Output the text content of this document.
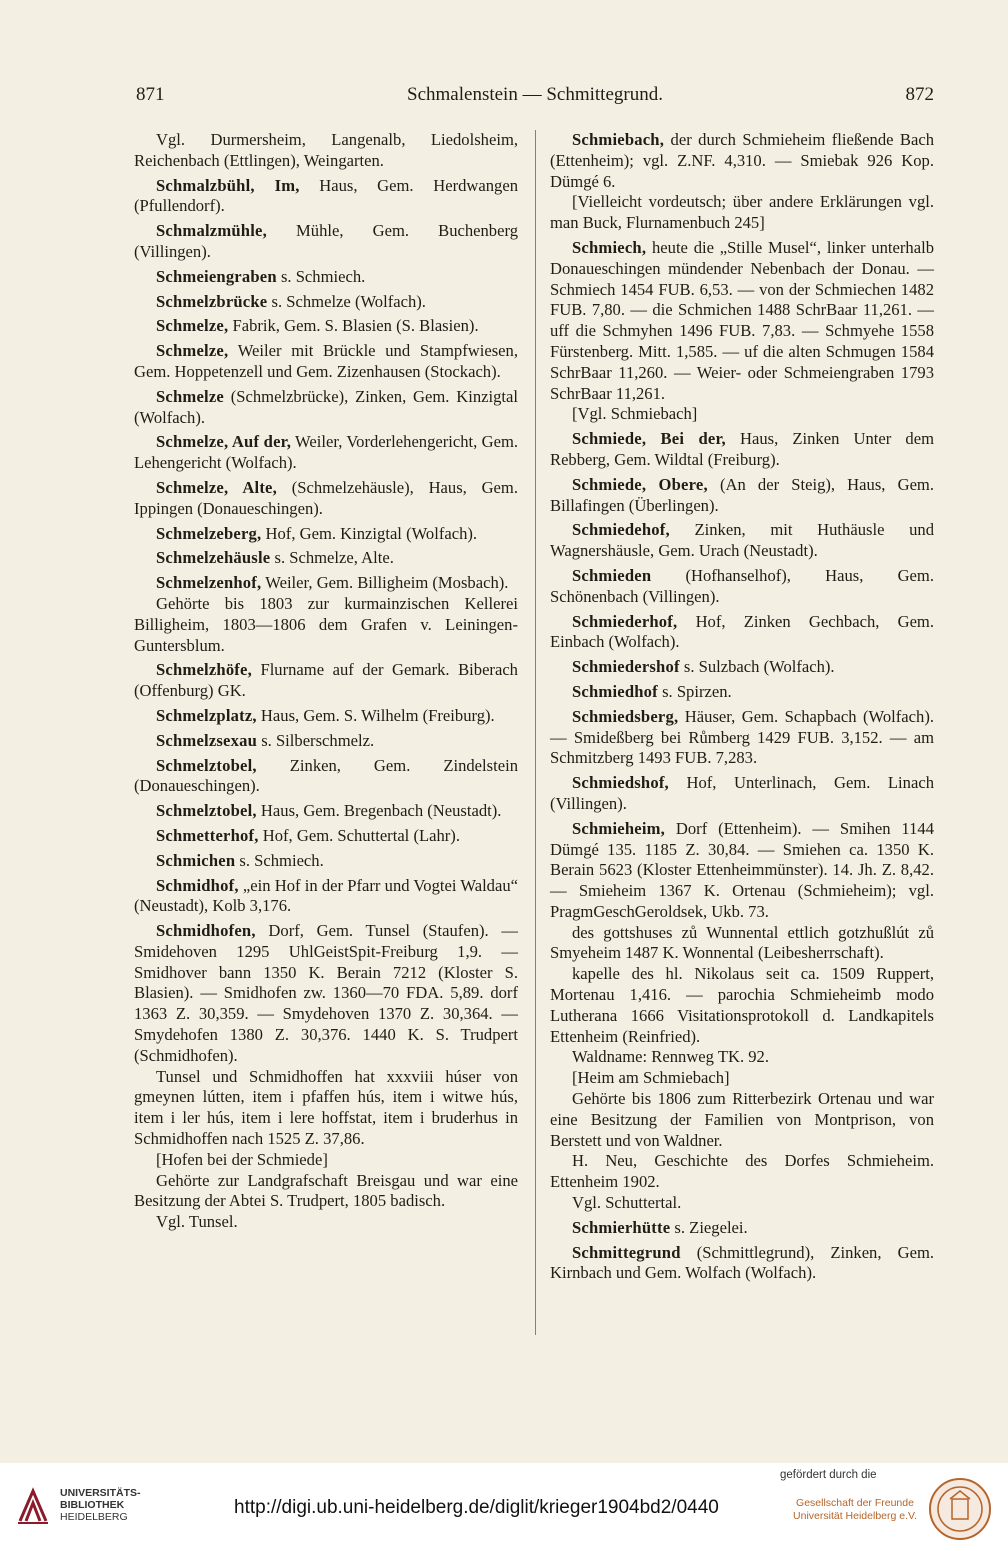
871	Schmalenstein — Schmittegrund.	872

Vgl. Durmersheim, Langenalb, Liedolsheim, Reichenbach (Ettlingen), Weingarten.

Schmalzbühl, Im, Haus, Gem. Herdwangen (Pfullendorf).

Schmalzmühle, Mühle, Gem. Buchenberg (Villingen).

Schmeiengraben s. Schmiech.

Schmelzbrücke s. Schmelze (Wolfach).

Schmelze, Fabrik, Gem. S. Blasien (S. Blasien).

Schmelze, Weiler mit Brückle und Stampfwiesen, Gem. Hoppetenzell und Gem. Zizenhausen (Stockach).

Schmelze (Schmelzbrücke), Zinken, Gem. Kinzigtal (Wolfach).

Schmelze, Auf der, Weiler, Vorderlehengericht, Gem. Lehengericht (Wolfach).

Schmelze, Alte, (Schmelzehäusle), Haus, Gem. Ippingen (Donaueschingen).

Schmelzeberg, Hof, Gem. Kinzigtal (Wolfach).

Schmelzehäusle s. Schmelze, Alte.

Schmelzenhof, Weiler, Gem. Billigheim (Mosbach).

Gehörte bis 1803 zur kurmainzischen Kellerei Billigheim, 1803—1806 dem Grafen v. Leiningen-Guntersblum.

Schmelzhöfe, Flurname auf der Gemark. Biberach (Offenburg) GK.

Schmelzplatz, Haus, Gem. S. Wilhelm (Freiburg).

Schmelzsexau s. Silberschmelz.

Schmelztobel, Zinken, Gem. Zindelstein (Donaueschingen).

Schmelztobel, Haus, Gem. Bregenbach (Neustadt).

Schmetterhof, Hof, Gem. Schuttertal (Lahr).

Schmichen s. Schmiech.

Schmidhof, „ein Hof in der Pfarr und Vogtei Waldau“ (Neustadt), Kolb 3,176.

Schmidhofen, Dorf, Gem. Tunsel (Staufen). — Smidehoven 1295 UhlGeistSpit-Freiburg 1,9. — Smidhover bann 1350 K. Berain 7212 (Kloster S. Blasien). — Smidhofen zw. 1360—70 FDA. 5,89. dorf 1363 Z. 30,359. — Smydehoven 1370 Z. 30,364. — Smydehofen 1380 Z. 30,376. 1440 K. S. Trudpert (Schmidhofen).

Tunsel und Schmidhoffen hat xxxviii húser von gmeynen lútten, item i pfaffen hús, item i witwe hús, item i ler hús, item i lere hoffstat, item i bruderhus in Schmidhoffen nach 1525 Z. 37,86.

[Hofen bei der Schmiede]

Gehörte zur Landgrafschaft Breisgau und war eine Besitzung der Abtei S. Trudpert, 1805 badisch.

Vgl. Tunsel.

Schmiebach, der durch Schmieheim fließende Bach (Ettenheim); vgl. Z.NF. 4,310. — Smiebak 926 Kop. Dümgé 6.

[Vielleicht vordeutsch; über andere Erklärungen vgl. man Buck, Flurnamenbuch 245]

Schmiech, heute die „Stille Musel“, linker unterhalb Donaueschingen mündender Nebenbach der Donau. — Schmiech 1454 FUB. 6,53. — von der Schmiechen 1482 FUB. 7,80. — die Schmichen 1488 SchrBaar 11,261. — uff die Schmyhen 1496 FUB. 7,83. — Schmyehe 1558 Fürstenberg. Mitt. 1,585. — uf die alten Schmugen 1584 SchrBaar 11,260. — Weier- oder Schmeiengraben 1793 SchrBaar 11,261.

[Vgl. Schmiebach]

Schmiede, Bei der, Haus, Zinken Unter dem Rebberg, Gem. Wildtal (Freiburg).

Schmiede, Obere, (An der Steig), Haus, Gem. Billafingen (Überlingen).

Schmiedehof, Zinken, mit Huthäusle und Wagnershäusle, Gem. Urach (Neustadt).

Schmieden (Hofhanselhof), Haus, Gem. Schönenbach (Villingen).

Schmiederhof, Hof, Zinken Gechbach, Gem. Einbach (Wolfach).

Schmiedershof s. Sulzbach (Wolfach).

Schmiedhof s. Spirzen.

Schmiedsberg, Häuser, Gem. Schapbach (Wolfach). — Smideßberg bei Růmberg 1429 FUB. 3,152. — am Schmitzberg 1493 FUB. 7,283.

Schmiedshof, Hof, Unterlinach, Gem. Linach (Villingen).

Schmieheim, Dorf (Ettenheim). — Smihen 1144 Dümgé 135. 1185 Z. 30,84. — Smiehen ca. 1350 K. Berain 5623 (Kloster Ettenheimmünster). 14. Jh. Z. 8,42. — Smieheim 1367 K. Ortenau (Schmieheim); vgl. PragmGeschGeroldsek, Ukb. 73.

des gottshuses zů Wunnental ettlich gotzhußlút zů Smyeheim 1487 K. Wonnental (Leibesherrschaft).

kapelle des hl. Nikolaus seit ca. 1509 Ruppert, Mortenau 1,416. — parochia Schmieheimb modo Lutherana 1666 Visitationsprotokoll d. Landkapitels Ettenheim (Reinfried).

Waldname: Rennweg TK. 92.

[Heim am Schmiebach]

Gehörte bis 1806 zum Ritterbezirk Ortenau und war eine Besitzung der Familien von Montprison, von Berstett und von Waldner.

H. Neu, Geschichte des Dorfes Schmieheim. Ettenheim 1902.

Vgl. Schuttertal.

Schmierhütte s. Ziegelei.

Schmittegrund (Schmittlegrund), Zinken, Gem. Kirnbach und Gem. Wolfach (Wolfach).

UNIVERSITÄTS-
BIBLIOTHEK
HEIDELBERG	http://digi.ub.uni-heidelberg.de/diglit/krieger1904bd2/0440
gefördert durch die
Gesellschaft der Freunde
Universität Heidelberg e.V.
